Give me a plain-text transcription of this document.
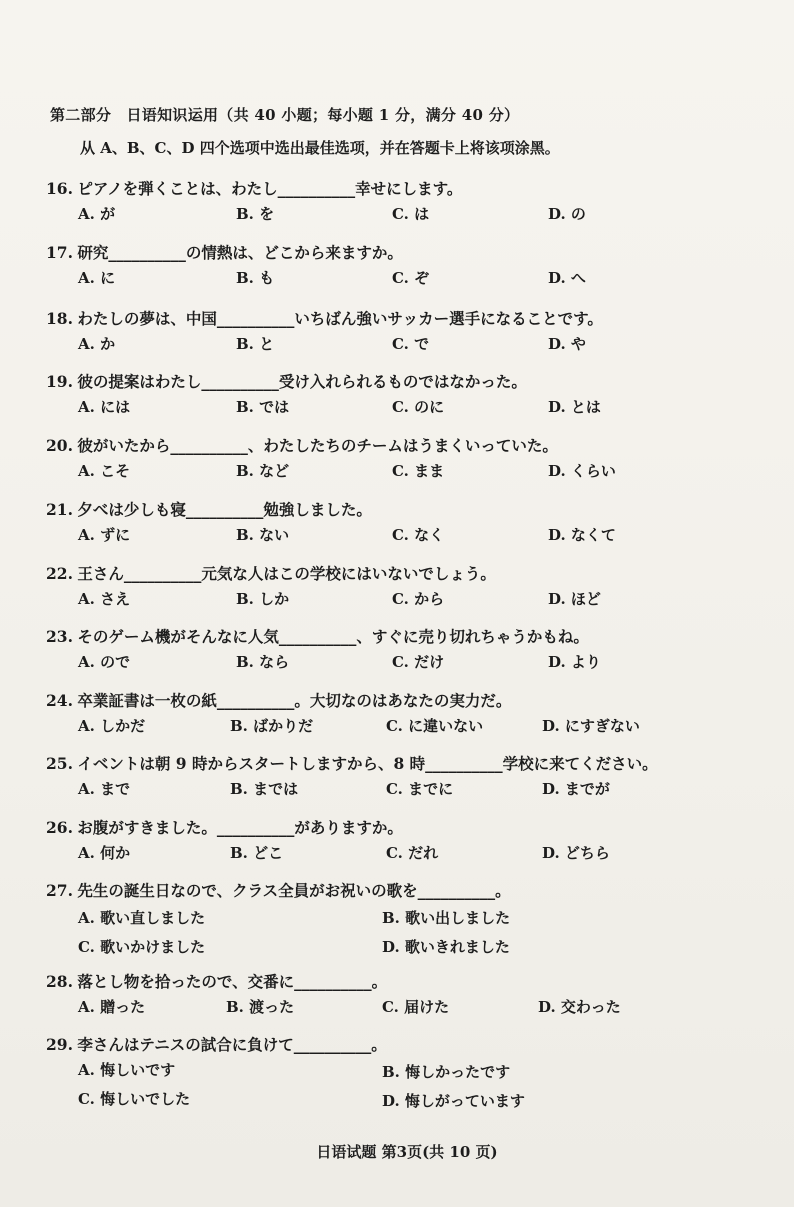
第二部分　日语知识运用（共 40 小题；每小题 1 分，满分 40 分）
从 A、B、C、D 四个选项中选出最佳选项，并在答题卡上将该项涂黑。
16. ピアノを弾くことは、わたし__________幸せにします。
A. が	B. を	C. は	D. の
17. 研究__________の情熱は、どこから来ますか。
A. に	B. も	C. ぞ	D. へ
18. わたしの夢は、中国__________いちばん強いサッカー選手になることです。
A. か	B. と	C. で	D. や
19. 彼の提案はわたし__________受け入れられるものではなかった。
A. には	B. では	C. のに	D. とは
20. 彼がいたから__________、わたしたちのチームはうまくいっていた。
A. こそ	B. など	C. まま	D. くらい
21. 夕べは少しも寝__________勉強しました。
A. ずに	B. ない	C. なく	D. なくて
22. 王さん__________元気な人はこの学校にはいないでしょう。
A. さえ	B. しか	C. から	D. ほど
23. そのゲーム機がそんなに人気__________、すぐに売り切れちゃうかもね。
A. ので	B. なら	C. だけ	D. より
24. 卒業証書は一枚の紙__________。大切なのはあなたの実力だ。
A. しかだ	B. ばかりだ	C. に違いない	D. にすぎない
25. イベントは朝 9 時からスタートしますから、8 時__________学校に来てください。
A. まで	B. までは	C. までに	D. までが
26. お腹がすきました。__________がありますか。
A. 何か	B. どこ	C. だれ	D. どちら
27. 先生の誕生日なので、クラス全員がお祝いの歌を__________。
A. 歌い直しました	B. 歌い出しました
C. 歌いかけました	D. 歌いきれました
28. 落とし物を拾ったので、交番に__________。
A. 贈った	B. 渡った	C. 届けた	D. 交わった
29. 李さんはテニスの試合に負けて__________。
A. 悔しいです	B. 悔しかったです
C. 悔しいでした	D. 悔しがっています
日语试题 第3页(共 10 页)
